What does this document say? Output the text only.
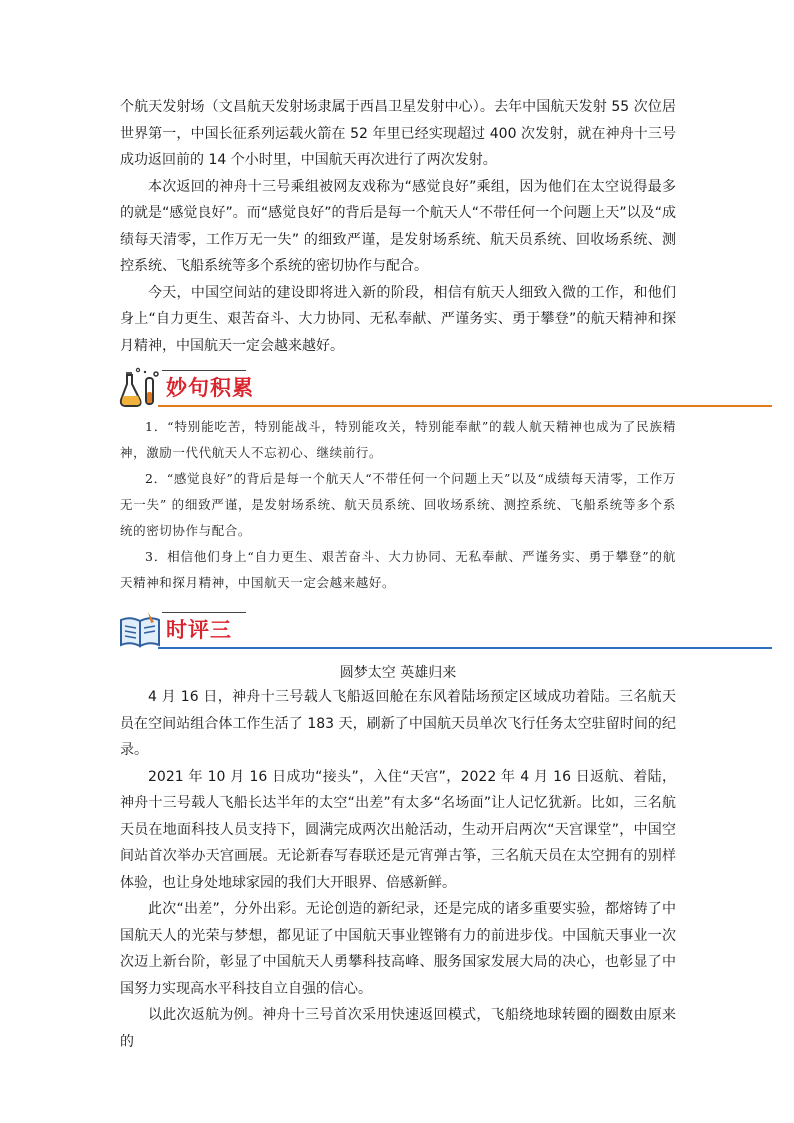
个航天发射场（文昌航天发射场隶属于西昌卫星发射中心）。去年中国航天发射 55 次位居世界第一，中国长征系列运载火箭在 52 年里已经实现超过 400 次发射，就在神舟十三号成功返回前的 14 个小时里，中国航天再次进行了两次发射。

本次返回的神舟十三号乘组被网友戏称为“感觉良好”乘组，因为他们在太空说得最多的就是“感觉良好”。而“感觉良好”的背后是每一个航天人“不带任何一个问题上天”以及“成绩每天清零，工作万无一失” 的细致严谨，是发射场系统、航天员系统、回收场系统、测控系统、飞船系统等多个系统的密切协作与配合。

今天，中国空间站的建设即将进入新的阶段，相信有航天人细致入微的工作，和他们身上“自力更生、艰苦奋斗、大力协同、无私奉献、严谨务实、勇于攀登”的航天精神和探月精神，中国航天一定会越来越好。

妙句积累

1．“特别能吃苦，特别能战斗，特别能攻关，特别能奉献”的载人航天精神也成为了民族精神，激励一代代航天人不忘初心、继续前行。

2．“感觉良好”的背后是每一个航天人“不带任何一个问题上天”以及“成绩每天清零，工作万无一失” 的细致严谨，是发射场系统、航天员系统、回收场系统、测控系统、飞船系统等多个系统的密切协作与配合。

3．相信他们身上“自力更生、艰苦奋斗、大力协同、无私奉献、严谨务实、勇于攀登”的航天精神和探月精神，中国航天一定会越来越好。

时评三
圆梦太空 英雄归来

4 月 16 日，神舟十三号载人飞船返回舱在东风着陆场预定区域成功着陆。三名航天员在空间站组合体工作生活了 183 天，刷新了中国航天员单次飞行任务太空驻留时间的纪录。

2021 年 10 月 16 日成功“接头”，入住“天宫”，2022 年 4 月 16 日返航、着陆，神舟十三号载人飞船长达半年的太空“出差”有太多“名场面”让人记忆犹新。比如，三名航天员在地面科技人员支持下，圆满完成两次出舱活动，生动开启两次“天宫课堂”，中国空间站首次举办天宫画展。无论新春写春联还是元宵弹古筝，三名航天员在太空拥有的别样体验，也让身处地球家园的我们大开眼界、倍感新鲜。

此次“出差”，分外出彩。无论创造的新纪录，还是完成的诸多重要实验，都熔铸了中国航天人的光荣与梦想，都见证了中国航天事业铿锵有力的前进步伐。中国航天事业一次次迈上新台阶，彰显了中国航天人勇攀科技高峰、服务国家发展大局的决心，也彰显了中国努力实现高水平科技自立自强的信心。

以此次返航为例。神舟十三号首次采用快速返回模式，飞船绕地球转圈的圈数由原来的
